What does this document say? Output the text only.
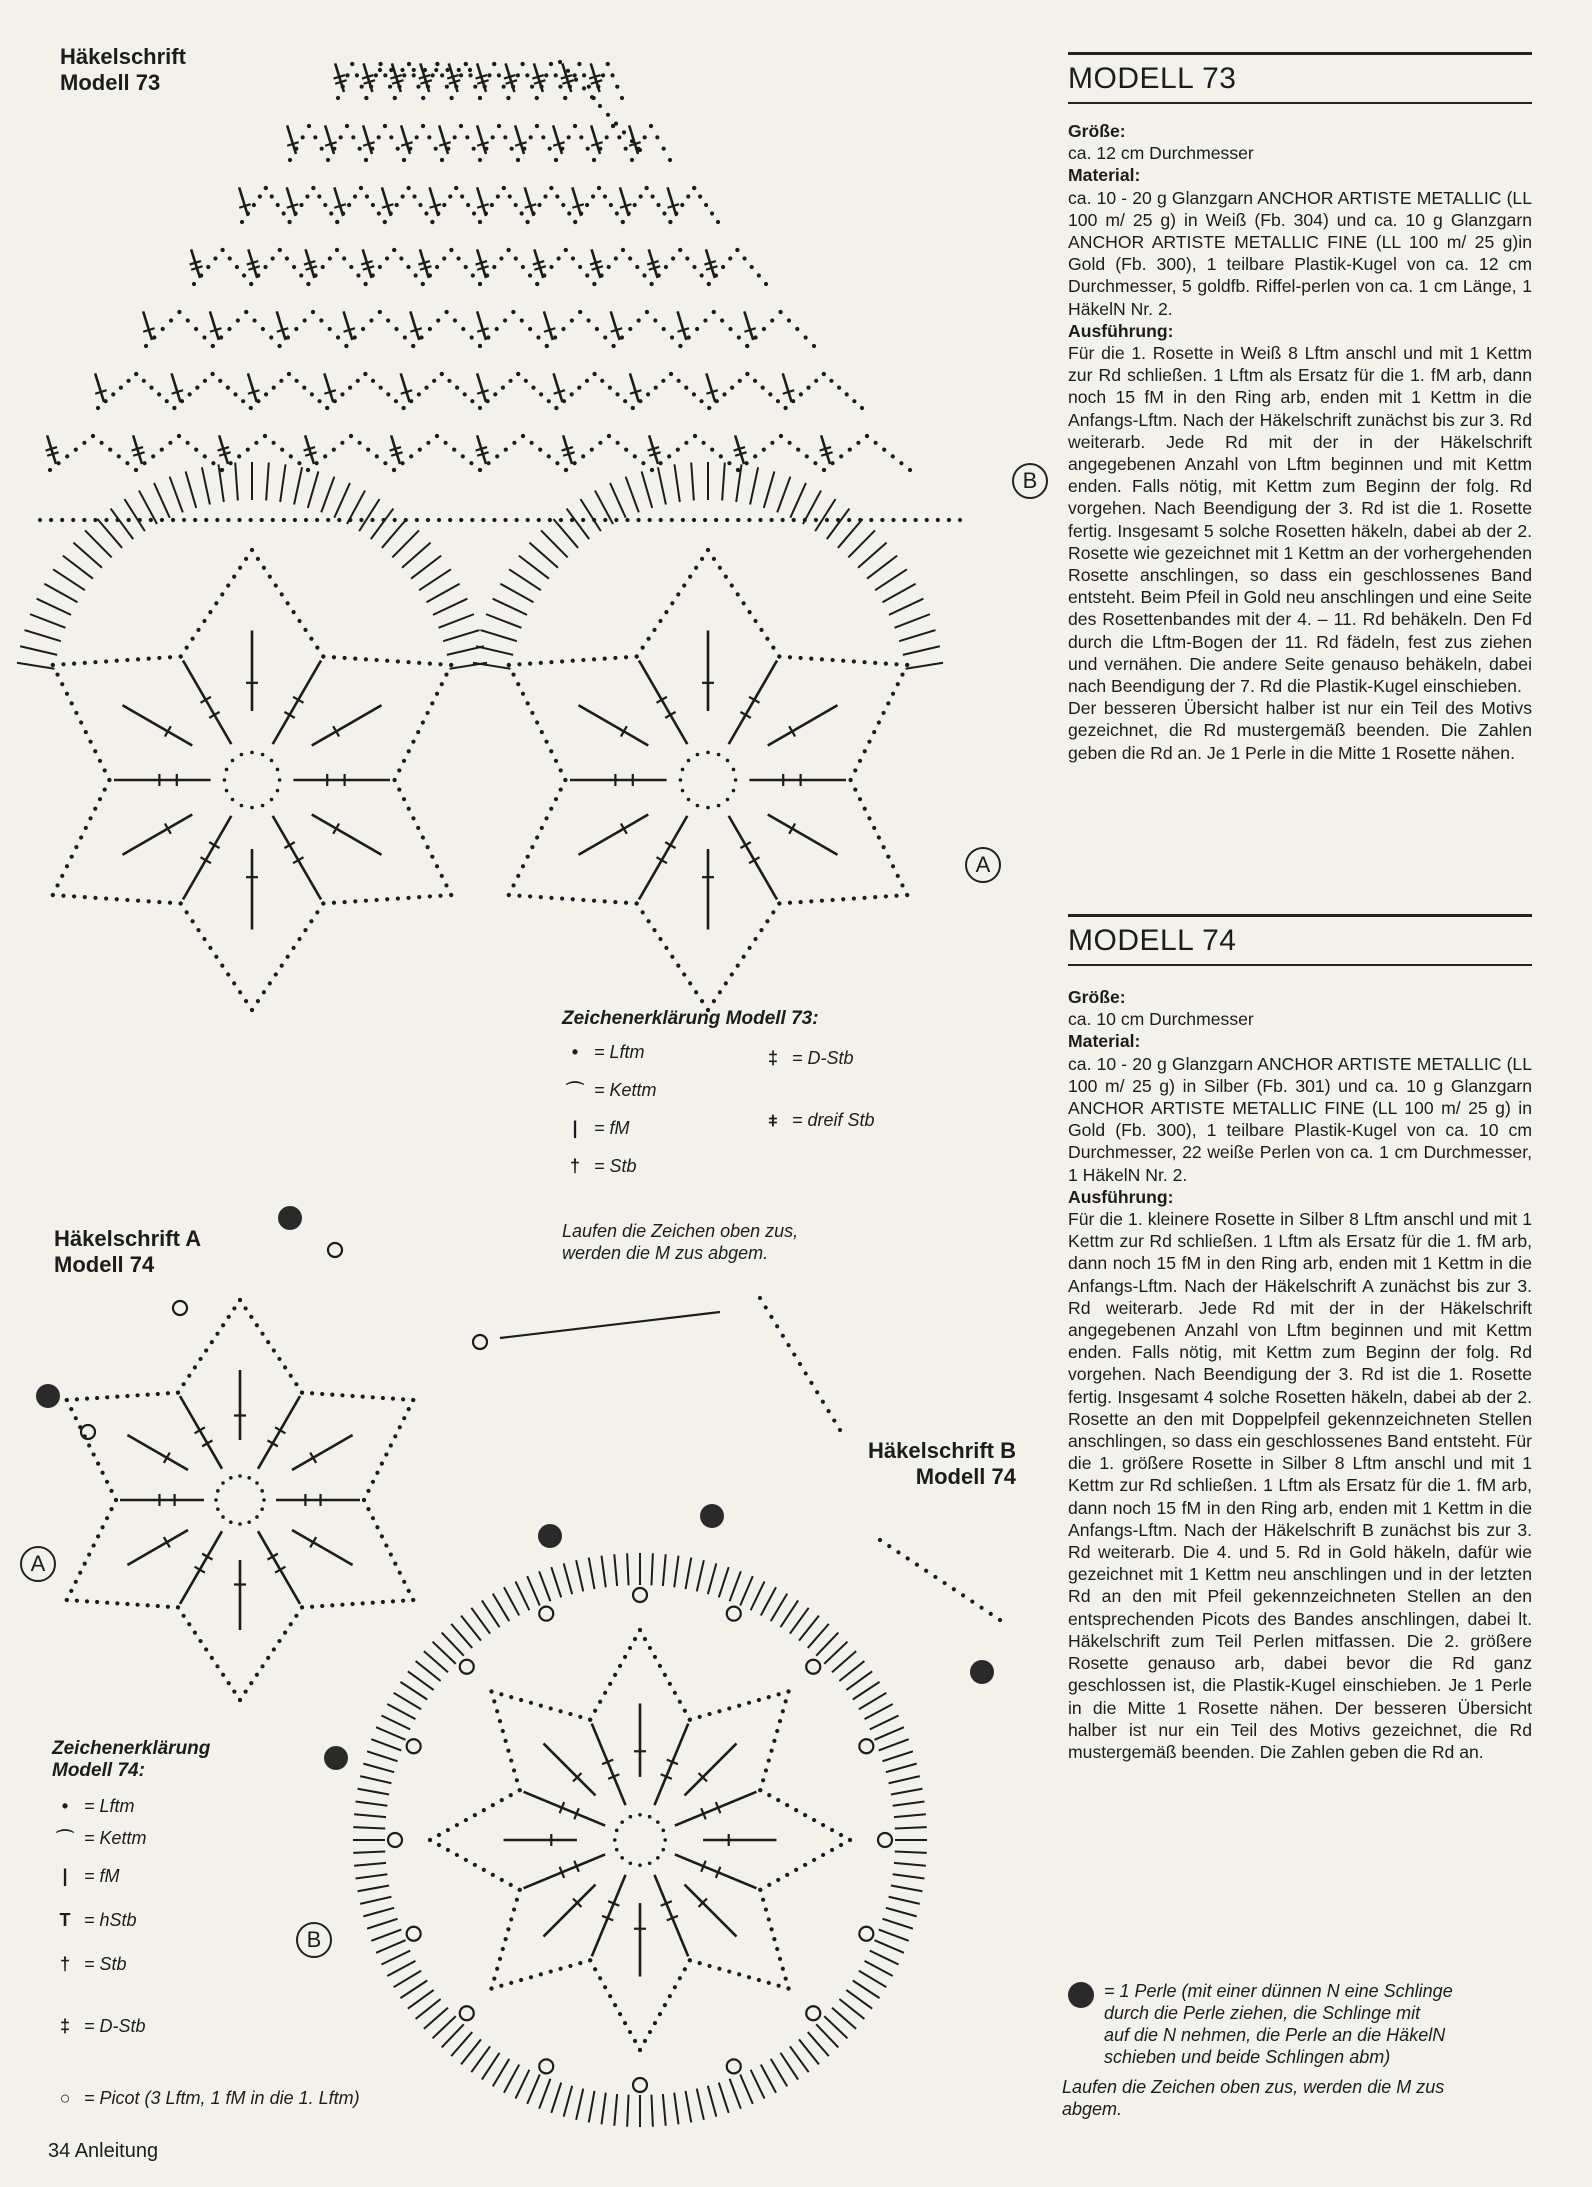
Häkelschrift
Modell 73
B
A
Zeichenerklärung Modell 73:
• = Lftm
⌒ = Kettm
| = fM
† = Stb
‡ = D-Stb
⧧ = dreif Stb
Laufen die Zeichen oben zus, werden die M zus abgem.
Häkelschrift A
Modell 74
A
Häkelschrift B
Modell 74
B
Zeichenerklärung
Modell 74:
• = Lftm
⌒ = Kettm
| = fM
T = hStb
† = Stb
‡ = D-Stb
○ = Picot (3 Lftm, 1 fM in die 1. Lftm)
34 Anleitung
= 1 Perle (mit einer dünnen N eine Schlinge
durch die Perle ziehen, die Schlinge mit
auf die N nehmen, die Perle an die HäkelN
schieben und beide Schlingen abm)
Laufen die Zeichen oben zus, werden die M zus
abgem.
MODELL 73
Größe:
ca. 12 cm Durchmesser
Material:
ca. 10 - 20 g Glanzgarn ANCHOR ARTISTE METALLIC (LL 100 m/ 25 g) in Weiß (Fb. 304) und ca. 10 g Glanzgarn ANCHOR ARTISTE METALLIC FINE (LL 100 m/ 25 g)in Gold (Fb. 300), 1 teilbare Plastik-Kugel von ca. 12 cm Durchmesser, 5 goldfb. Riffel-perlen von ca. 1 cm Länge, 1 HäkelN Nr. 2.
Ausführung:
Für die 1. Rosette in Weiß 8 Lftm anschl und mit 1 Kettm zur Rd schließen. 1 Lftm als Ersatz für die 1. fM arb, dann noch 15 fM in den Ring arb, enden mit 1 Kettm in die Anfangs-Lftm. Nach der Häkelschrift zunächst bis zur 3. Rd weiterarb. Jede Rd mit der in der Häkelschrift angegebenen Anzahl von Lftm beginnen und mit Kettm enden. Falls nötig, mit Kettm zum Beginn der folg. Rd vorgehen. Nach Beendigung der 3. Rd ist die 1. Rosette fertig. Insgesamt 5 solche Rosetten häkeln, dabei ab der 2. Rosette wie gezeichnet mit 1 Kettm an der vorhergehenden Rosette anschlingen, so dass ein geschlossenes Band entsteht. Beim Pfeil in Gold neu anschlingen und eine Seite des Rosettenbandes mit der 4. – 11. Rd behäkeln. Den Fd durch die Lftm-Bogen der 11. Rd fädeln, fest zus ziehen und vernähen. Die andere Seite genauso behäkeln, dabei nach Beendigung der 7. Rd die Plastik-Kugel einschieben.
Der besseren Übersicht halber ist nur ein Teil des Motivs gezeichnet, die Rd mustergemäß beenden. Die Zahlen geben die Rd an. Je 1 Perle in die Mitte 1 Rosette nähen.
MODELL 74
Größe:
ca. 10 cm Durchmesser
Material:
ca. 10 - 20 g Glanzgarn ANCHOR ARTISTE METALLIC (LL 100 m/ 25 g) in Silber (Fb. 301) und ca. 10 g Glanzgarn ANCHOR ARTISTE METALLIC FINE (LL 100 m/ 25 g) in Gold (Fb. 300), 1 teilbare Plastik-Kugel von ca. 10 cm Durchmesser, 22 weiße Perlen von ca. 1 cm Durchmesser, 1 HäkelN Nr. 2.
Ausführung:
Für die 1. kleinere Rosette in Silber 8 Lftm anschl und mit 1 Kettm zur Rd schließen. 1 Lftm als Ersatz für die 1. fM arb, dann noch 15 fM in den Ring arb, enden mit 1 Kettm in die Anfangs-Lftm. Nach der Häkelschrift A zunächst bis zur 3. Rd weiterarb. Jede Rd mit der in der Häkelschrift angegebenen Anzahl von Lftm beginnen und mit Kettm enden. Falls nötig, mit Kettm zum Beginn der folg. Rd vorgehen. Nach Beendigung der 3. Rd ist die 1. Rosette fertig. Insgesamt 4 solche Rosetten häkeln, dabei ab der 2. Rosette an den mit Doppelpfeil gekennzeichneten Stellen anschlingen, so dass ein geschlossenes Band entsteht. Für die 1. größere Rosette in Silber 8 Lftm anschl und mit 1 Kettm zur Rd schließen. 1 Lftm als Ersatz für die 1. fM arb, dann noch 15 fM in den Ring arb, enden mit 1 Kettm in die Anfangs-Lftm. Nach der Häkelschrift B zunächst bis zur 3. Rd weiterarb. Die 4. und 5. Rd in Gold häkeln, dafür wie gezeichnet mit 1 Kettm neu anschlingen und in der letzten Rd an den mit Pfeil gekennzeichneten Stellen an den entsprechenden Picots des Bandes anschlingen, dabei lt. Häkelschrift zum Teil Perlen mitfassen. Die 2. größere Rosette genauso arb, dabei bevor die Rd ganz geschlossen ist, die Plastik-Kugel einschieben. Je 1 Perle in die Mitte 1 Rosette nähen. Der besseren Übersicht halber ist nur ein Teil des Motivs gezeichnet, die Rd mustergemäß beenden. Die Zahlen geben die Rd an.
